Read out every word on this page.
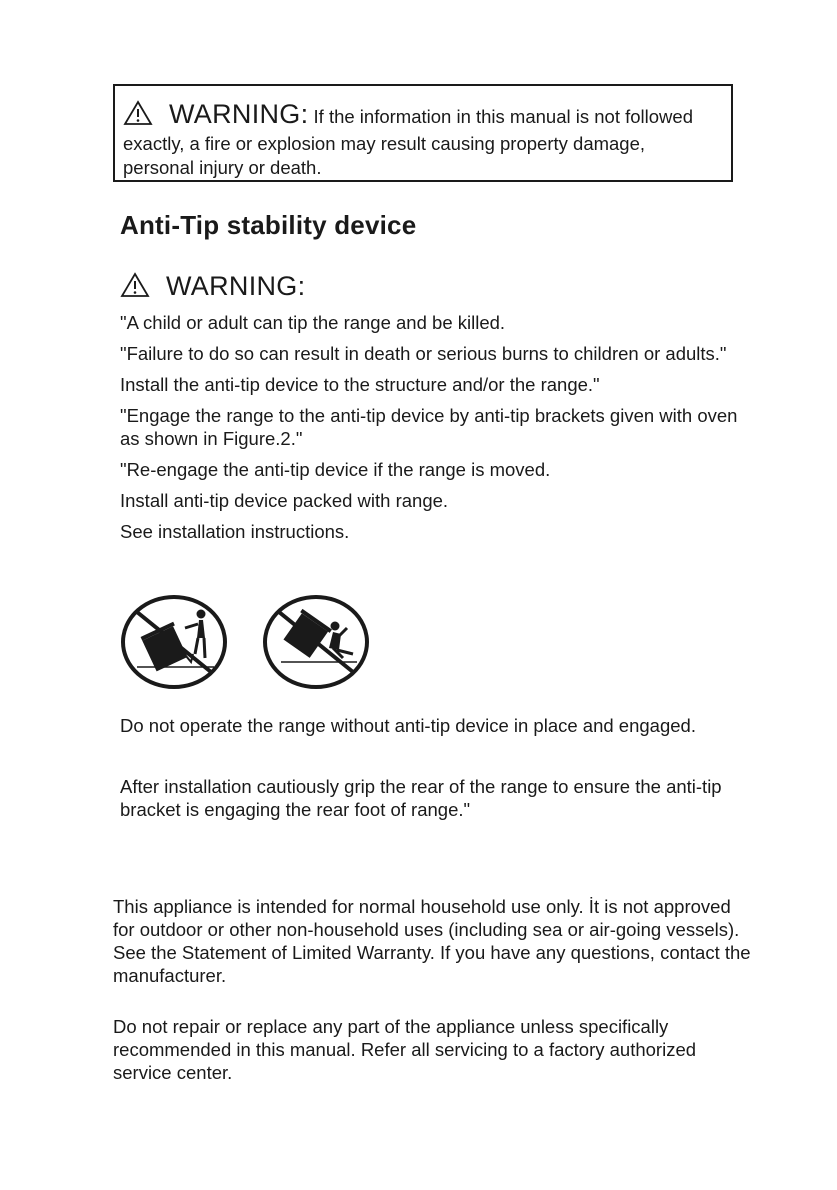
WARNING: If the information in this manual is not followed exactly, a fire or explosion may result causing property damage, personal injury or death.
Anti-Tip stability device
WARNING:

"A child or adult can tip the range and be killed.

"Failure to do so can result in death or serious burns to children or adults."

Install the anti-tip device to the structure and/or the range."

"Engage the range to the anti-tip device by anti-tip brackets given with oven as shown in Figure.2."

"Re-engage the anti-tip device if the range is moved.

Install anti-tip device packed with range.

See installation instructions.

Do not operate the range without anti-tip device in place and engaged.

After installation cautiously grip the rear of the range to ensure the anti-tip bracket is engaging the rear foot of range."

This appliance is intended for normal household use only. İt is not approved for outdoor or other non-household uses (including sea or air-going vessels). See the Statement of Limited Warranty. If you have any questions, contact the manufacturer.

Do not repair or replace any part of the appliance unless specifically recommended in this manual. Refer all servicing to a factory authorized service center.
